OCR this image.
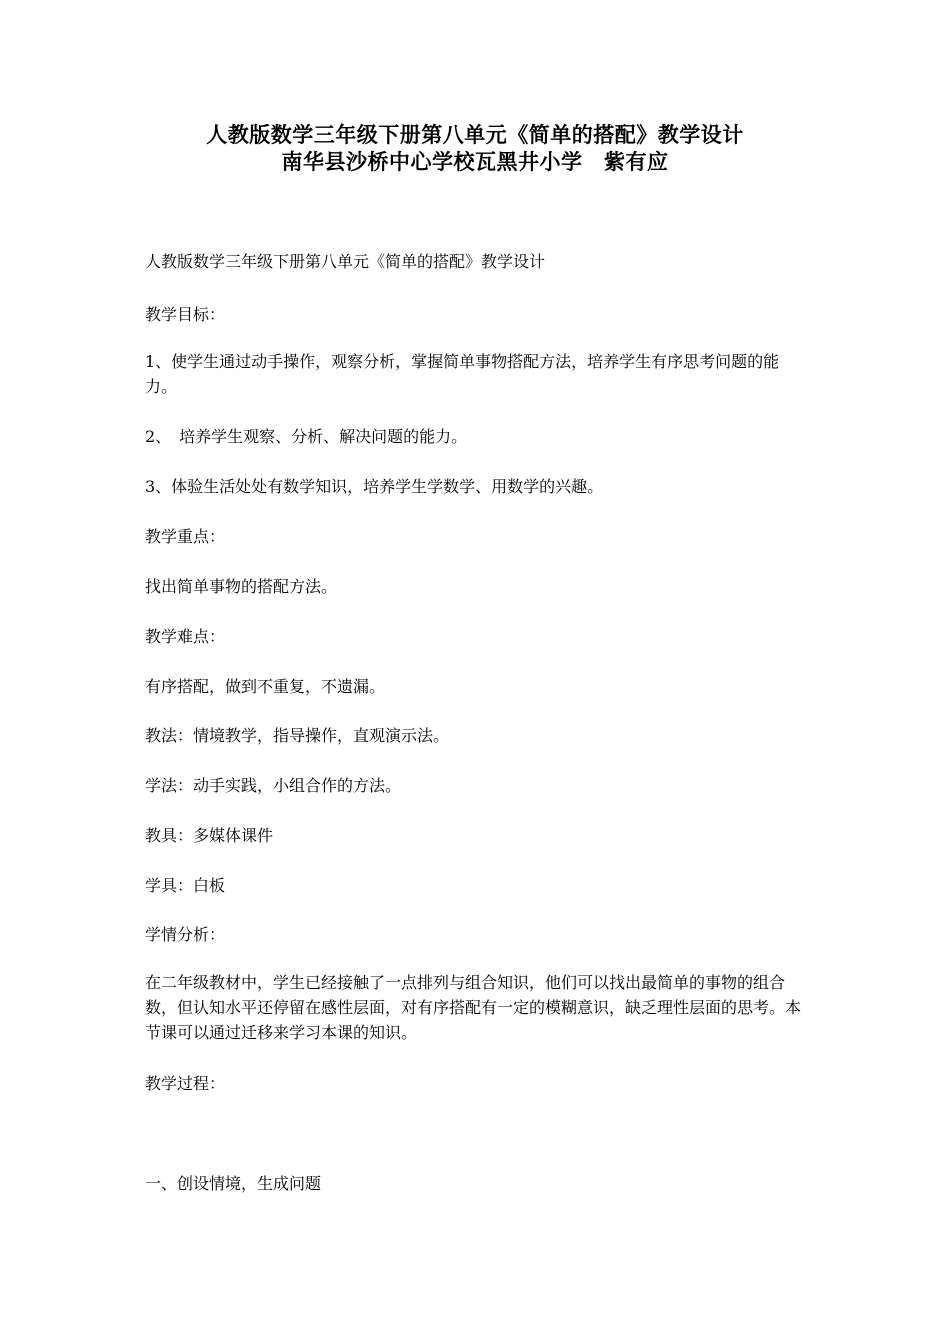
人教版数学三年级下册第八单元《简单的搭配》教学设计
南华县沙桥中心学校瓦黑井小学　紫有应

人教版数学三年级下册第八单元《简单的搭配》教学设计

教学目标：

1、使学生通过动手操作，观察分析，掌握简单事物搭配方法，培养学生有序思考问题的能力。

2、　培养学生观察、分析、解决问题的能力。

3、体验生活处处有数学知识，培养学生学数学、用数学的兴趣。

教学重点：

找出简单事物的搭配方法。

教学难点：

有序搭配，做到不重复，不遗漏。

教法：情境教学，指导操作，直观演示法。

学法：动手实践，小组合作的方法。

教具：多媒体课件

学具：白板

学情分析：

在二年级教材中，学生已经接触了一点排列与组合知识，他们可以找出最简单的事物的组合数，但认知水平还停留在感性层面，对有序搭配有一定的模糊意识，缺乏理性层面的思考。本节课可以通过迁移来学习本课的知识。

教学过程：

一、创设情境，生成问题
